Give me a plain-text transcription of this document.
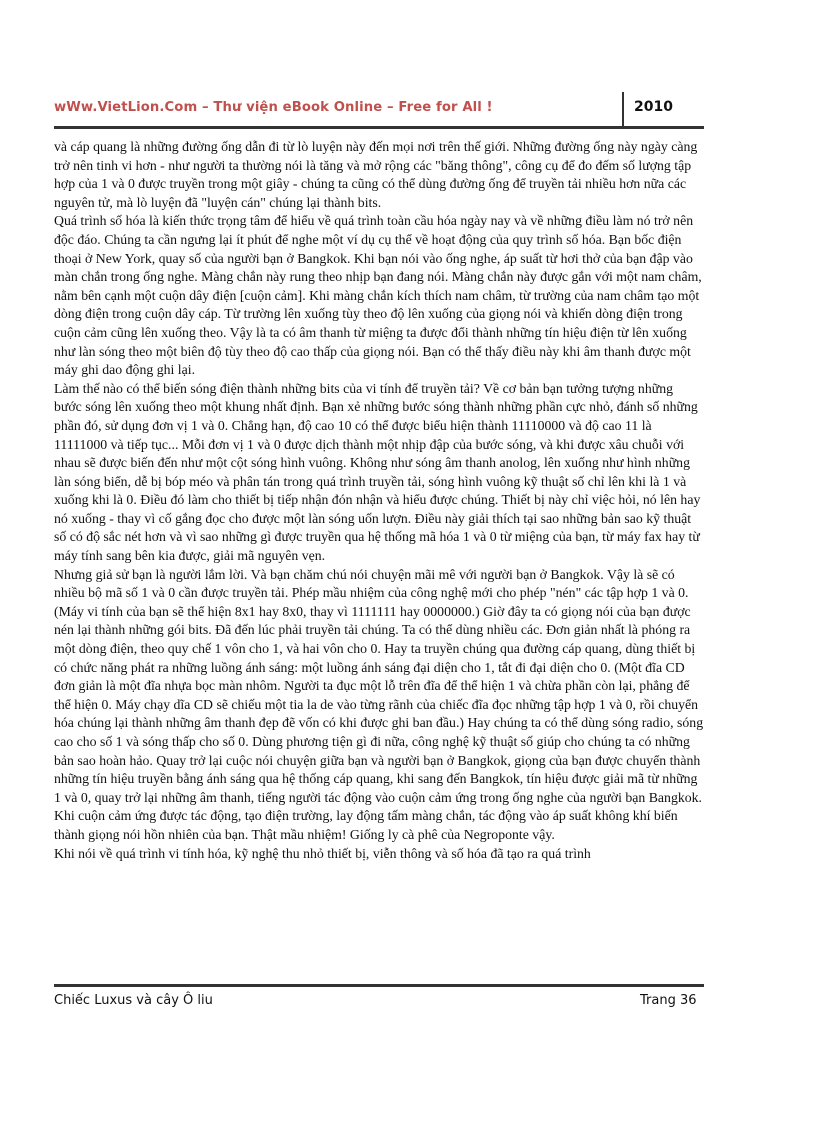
wWw.VietLion.Com – Thư viện eBook Online – Free for All !	2010

và cáp quang là những đường ống dẫn đi từ lò luyện này đến mọi nơi trên thế giới. Những đường ống này ngày càng trở nên tinh vi hơn - như người ta thường nói là tăng và mở rộng các "băng thông", công cụ để đo đếm số lượng tập hợp của 1 và 0 được truyền trong một giây - chúng ta cũng có thể dùng đường ống để truyền tải nhiều hơn nữa các nguyên tử, mà lò luyện đã "luyện cán" chúng lại thành bits.

Quá trình số hóa là kiến thức trọng tâm để hiểu về quá trình toàn cầu hóa ngày nay và về những điều làm nó trở nên độc đáo. Chúng ta cần ngưng lại ít phút để nghe một ví dụ cụ thể về hoạt động của quy trình số hóa. Bạn bốc điện thoại ở New York, quay số của người bạn ở Bangkok. Khi bạn nói vào ống nghe, áp suất từ hơi thở của bạn đập vào màn chắn trong ống nghe. Màng chắn này rung theo nhịp bạn đang nói. Màng chắn này được gắn với một nam châm, nằm bên cạnh một cuộn dây điện [cuộn cảm]. Khi màng chắn kích thích nam châm, từ trường của nam châm tạo một dòng điện trong cuộn dây cáp. Từ trường lên xuống tùy theo độ lên xuống của giọng nói và khiến dòng điện trong cuộn cảm cũng lên xuống theo. Vậy là ta có âm thanh từ miệng ta được đổi thành những tín hiệu điện từ lên xuống như làn sóng theo một biên độ tùy theo độ cao thấp của giọng nói. Bạn có thể thấy điều này khi âm thanh được một máy ghi dao động ghi lại.

Làm thế nào có thể biến sóng điện thành những bits của vi tính để truyền tải? Về cơ bản bạn tưởng tượng những bước sóng lên xuống theo một khung nhất định. Bạn xẻ những bước sóng thành những phần cực nhỏ, đánh số những phần đó, sử dụng đơn vị 1 và 0. Chẳng hạn, độ cao 10 có thể được biểu hiện thành 11110000 và độ cao 11 là 11111000 và tiếp tục... Mỗi đơn vị 1 và 0 được dịch thành một nhịp đập của bước sóng, và khi được xâu chuỗi với nhau sẽ được biến đến như một cột sóng hình vuông. Không như sóng âm thanh anolog, lên xuống như hình những làn sóng biển, dễ bị bóp méo và phân tán trong quá trình truyền tải, sóng hình vuông kỹ thuật số chỉ lên khi là 1 và xuống khi là 0. Điều đó làm cho thiết bị tiếp nhận đón nhận và hiểu được chúng. Thiết bị này chỉ việc hỏi, nó lên hay nó xuống - thay vì cố gắng đọc cho được một làn sóng uốn lượn. Điều này giải thích tại sao những bản sao kỹ thuật số có độ sắc nét hơn và vì sao những gì được truyền qua hệ thống mã hóa 1 và 0 từ miệng của bạn, từ máy fax hay từ máy tính sang bên kia được, giải mã nguyên vẹn.

Nhưng giả sử bạn là người lắm lời. Và bạn chăm chú nói chuyện mãi mê với người bạn ở Bangkok. Vậy là sẽ có nhiều bộ mã số 1 và 0 cần được truyền tải. Phép mầu nhiệm của công nghệ mới cho phép "nén" các tập hợp 1 và 0. (Máy vi tính của bạn sẽ thể hiện 8x1 hay 8x0, thay vì 1111111 hay 0000000.) Giờ đây ta có giọng nói của bạn được nén lại thành những gói bits. Đã đến lúc phải truyền tải chúng. Ta có thể dùng nhiều các. Đơn giản nhất là phóng ra một dòng điện, theo quy chế 1 vôn cho 1, và hai vôn cho 0. Hay ta truyền chúng qua đường cáp quang, dùng thiết bị có chức năng phát ra những luồng ánh sáng: một luồng ánh sáng đại diện cho 1, tắt đi đại diện cho 0. (Một đĩa CD đơn giản là một đĩa nhựa bọc màn nhôm. Người ta đục một lỗ trên đĩa để thể hiện 1 và chừa phần còn lại, phẳng để thể hiện 0. Máy chạy dĩa CD sẽ chiếu một tia la de vào từng rãnh của chiếc đĩa đọc những tập hợp 1 và 0, rồi chuyển hóa chúng lại thành những âm thanh đẹp đẽ vốn có khi được ghi ban đầu.) Hay chúng ta có thể dùng sóng radio, sóng cao cho số 1 và sóng thấp cho số 0. Dùng phương tiện gì đi nữa, công nghệ kỹ thuật số giúp cho chúng ta có những bản sao hoàn hảo. Quay trở lại cuộc nói chuyện giữa bạn và người bạn ở Bangkok, giọng của bạn được chuyển thành những tín hiệu truyền bằng ánh sáng qua hệ thống cáp quang, khi sang đến Bangkok, tín hiệu được giải mã từ những 1 và 0, quay trở lại những âm thanh, tiếng người tác động vào cuộn cảm ứng trong ống nghe của người bạn Bangkok. Khi cuộn cảm ứng được tác động, tạo điện trường, lay động tấm màng chắn, tác động vào áp suất không khí biến thành giọng nói hồn nhiên của bạn. Thật mầu nhiệm! Giống ly cà phê của Negroponte vậy.

Khi nói về quá trình vi tính hóa, kỹ nghệ thu nhỏ thiết bị, viễn thông và số hóa đã tạo ra quá trình

Chiếc Luxus và cây Ô liu	Trang 36
